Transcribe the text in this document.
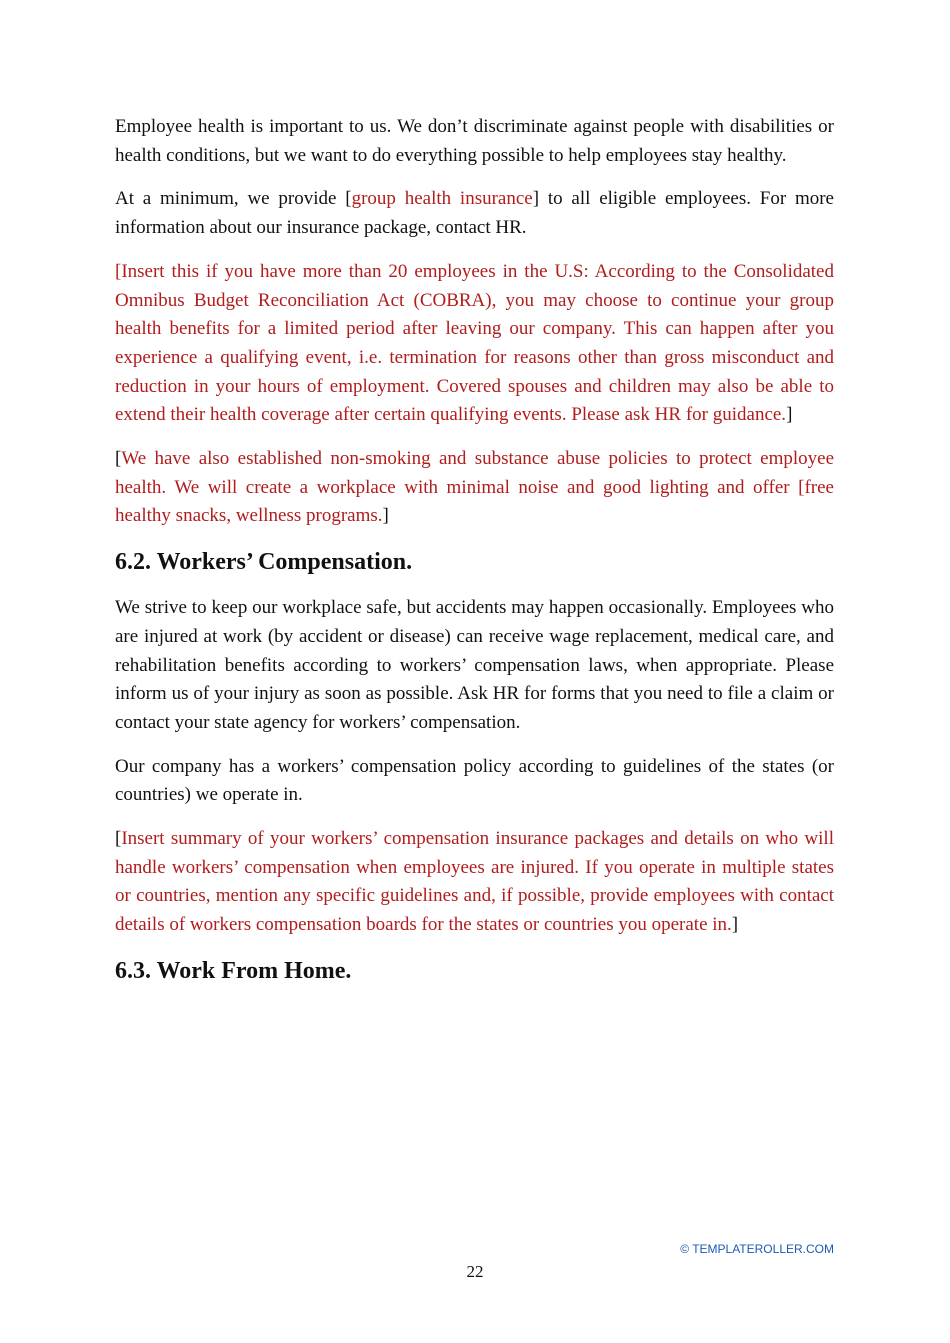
Employee health is important to us. We don’t discriminate against people with disabilities or health conditions, but we want to do everything possible to help employees stay healthy.

At a minimum, we provide [group health insurance] to all eligible employees. For more information about our insurance package, contact HR.

[Insert this if you have more than 20 employees in the U.S: According to the Consolidated Omnibus Budget Reconciliation Act (COBRA), you may choose to continue your group health benefits for a limited period after leaving our company. This can happen after you experience a qualifying event, i.e. termination for reasons other than gross misconduct and reduction in your hours of employment. Covered spouses and children may also be able to extend their health coverage after certain qualifying events. Please ask HR for guidance.]

[We have also established non-smoking and substance abuse policies to protect employee health. We will create a workplace with minimal noise and good lighting and offer [free healthy snacks, wellness programs.]

6.2. Workers’ Compensation.

We strive to keep our workplace safe, but accidents may happen occasionally. Employees who are injured at work (by accident or disease) can receive wage replacement, medical care, and rehabilitation benefits according to workers’ compensation laws, when appropriate. Please inform us of your injury as soon as possible. Ask HR for forms that you need to file a claim or contact your state agency for workers’ compensation.

Our company has a workers’ compensation policy according to guidelines of the states (or countries) we operate in.

[Insert summary of your workers’ compensation insurance packages and details on who will handle workers’ compensation when employees are injured. If you operate in multiple states or countries, mention any specific guidelines and, if possible, provide employees with contact details of workers compensation boards for the states or countries you operate in.]

6.3. Work From Home.
© TEMPLATEROLLER.COM
22
